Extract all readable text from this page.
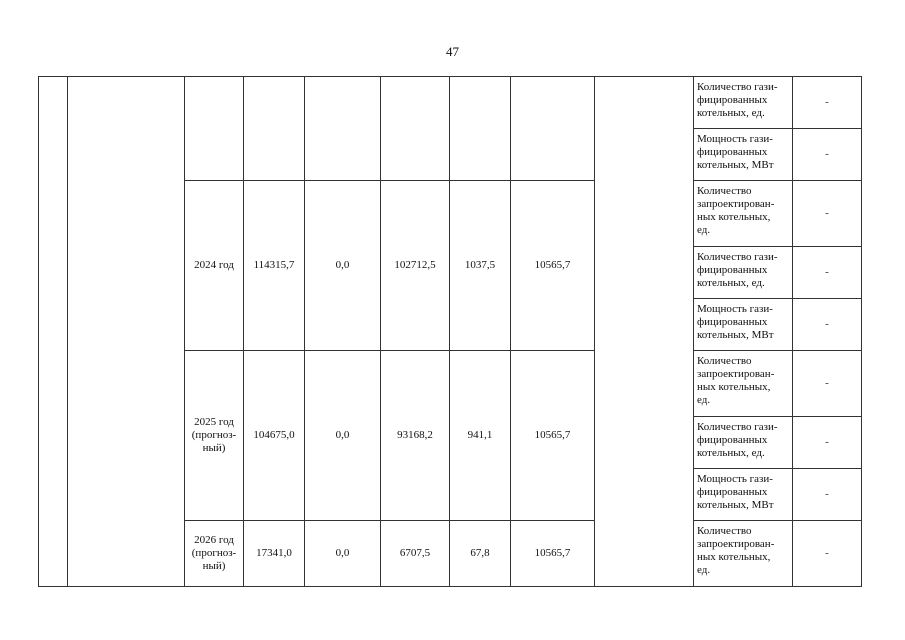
47
									Количество гази-
фицированных
котельных, ед.	-
									Мощность гази-
фицированных
котельных, МВт	-
		2024 год	114315,7	0,0	102712,5	1037,5	10565,7		Количество
запроектирован-
ных котельных,
ед.	-
									Количество гази-
фицированных
котельных, ед.	-
									Мощность гази-
фицированных
котельных, МВт	-
		2025 год
(прогноз-
ный)	104675,0	0,0	93168,2	941,1	10565,7		Количество
запроектирован-
ных котельных,
ед.	-
									Количество гази-
фицированных
котельных, ед.	-
									Мощность гази-
фицированных
котельных, МВт	-
		2026 год
(прогноз-
ный)	17341,0	0,0	6707,5	67,8	10565,7		Количество
запроектирован-
ных котельных,
ед.	-
